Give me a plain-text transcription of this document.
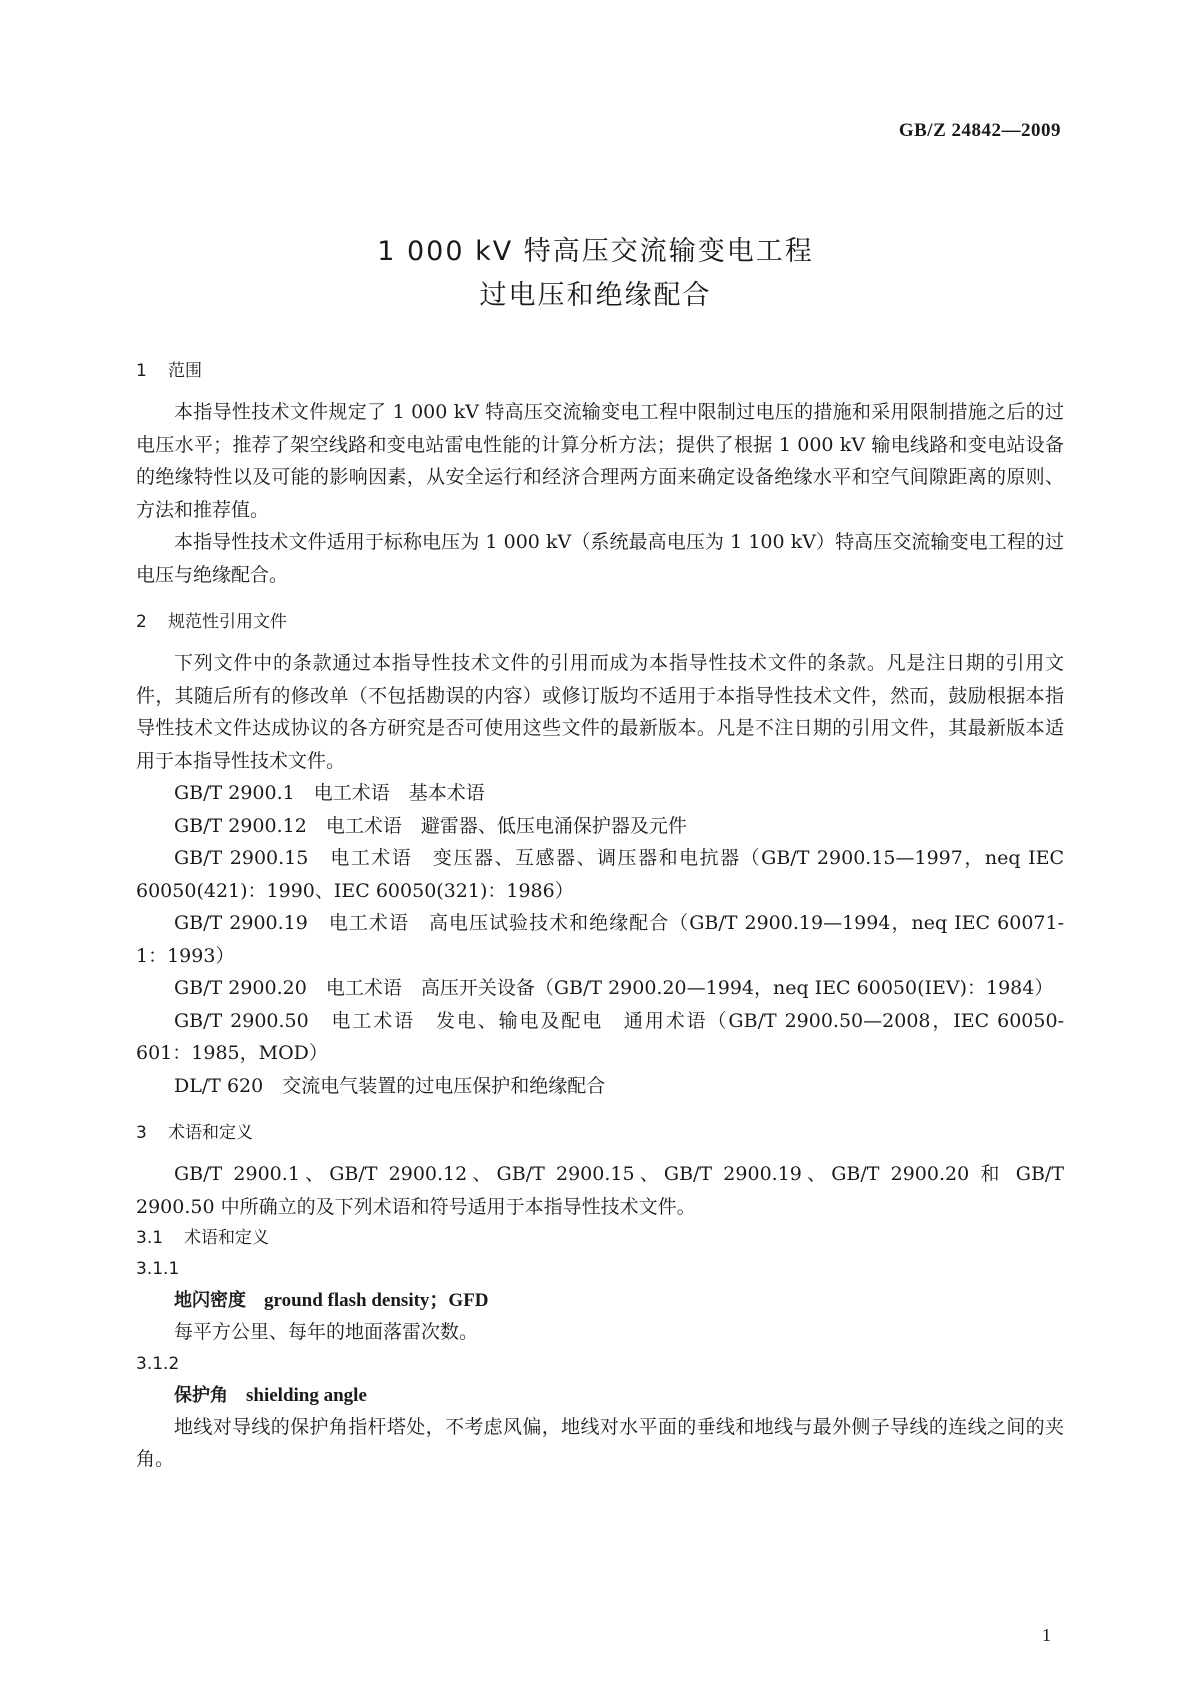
GB/Z 24842—2009
1 000 kV 特高压交流输变电工程
过电压和绝缘配合
1 范围

本指导性技术文件规定了 1 000 kV 特高压交流输变电工程中限制过电压的措施和采用限制措施之后的过电压水平；推荐了架空线路和变电站雷电性能的计算分析方法；提供了根据 1 000 kV 输电线路和变电站设备的绝缘特性以及可能的影响因素，从安全运行和经济合理两方面来确定设备绝缘水平和空气间隙距离的原则、方法和推荐值。

本指导性技术文件适用于标称电压为 1 000 kV（系统最高电压为 1 100 kV）特高压交流输变电工程的过电压与绝缘配合。

2 规范性引用文件

下列文件中的条款通过本指导性技术文件的引用而成为本指导性技术文件的条款。凡是注日期的引用文件，其随后所有的修改单（不包括勘误的内容）或修订版均不适用于本指导性技术文件，然而，鼓励根据本指导性技术文件达成协议的各方研究是否可使用这些文件的最新版本。凡是不注日期的引用文件，其最新版本适用于本指导性技术文件。

GB/T 2900.1　电工术语　基本术语

GB/T 2900.12　电工术语　避雷器、低压电涌保护器及元件

GB/T 2900.15　电工术语　变压器、互感器、调压器和电抗器（GB/T 2900.15—1997，neq IEC 60050(421)：1990、IEC 60050(321)：1986）

GB/T 2900.19　电工术语　高电压试验技术和绝缘配合（GB/T 2900.19—1994，neq IEC 60071-1：1993）

GB/T 2900.20　电工术语　高压开关设备（GB/T 2900.20—1994，neq IEC 60050(IEV)：1984）

GB/T 2900.50　电工术语　发电、输电及配电　通用术语（GB/T 2900.50—2008，IEC 60050-601：1985，MOD）

DL/T 620　交流电气装置的过电压保护和绝缘配合

3 术语和定义

GB/T 2900.1、GB/T 2900.12、GB/T 2900.15、GB/T 2900.19、GB/T 2900.20 和 GB/T 2900.50 中所确立的及下列术语和符号适用于本指导性技术文件。

3.1 术语和定义
3.1.1

地闪密度 ground flash density；GFD

每平方公里、每年的地面落雷次数。

3.1.2

保护角 shielding angle

地线对导线的保护角指杆塔处，不考虑风偏，地线对水平面的垂线和地线与最外侧子导线的连线之间的夹角。

1
